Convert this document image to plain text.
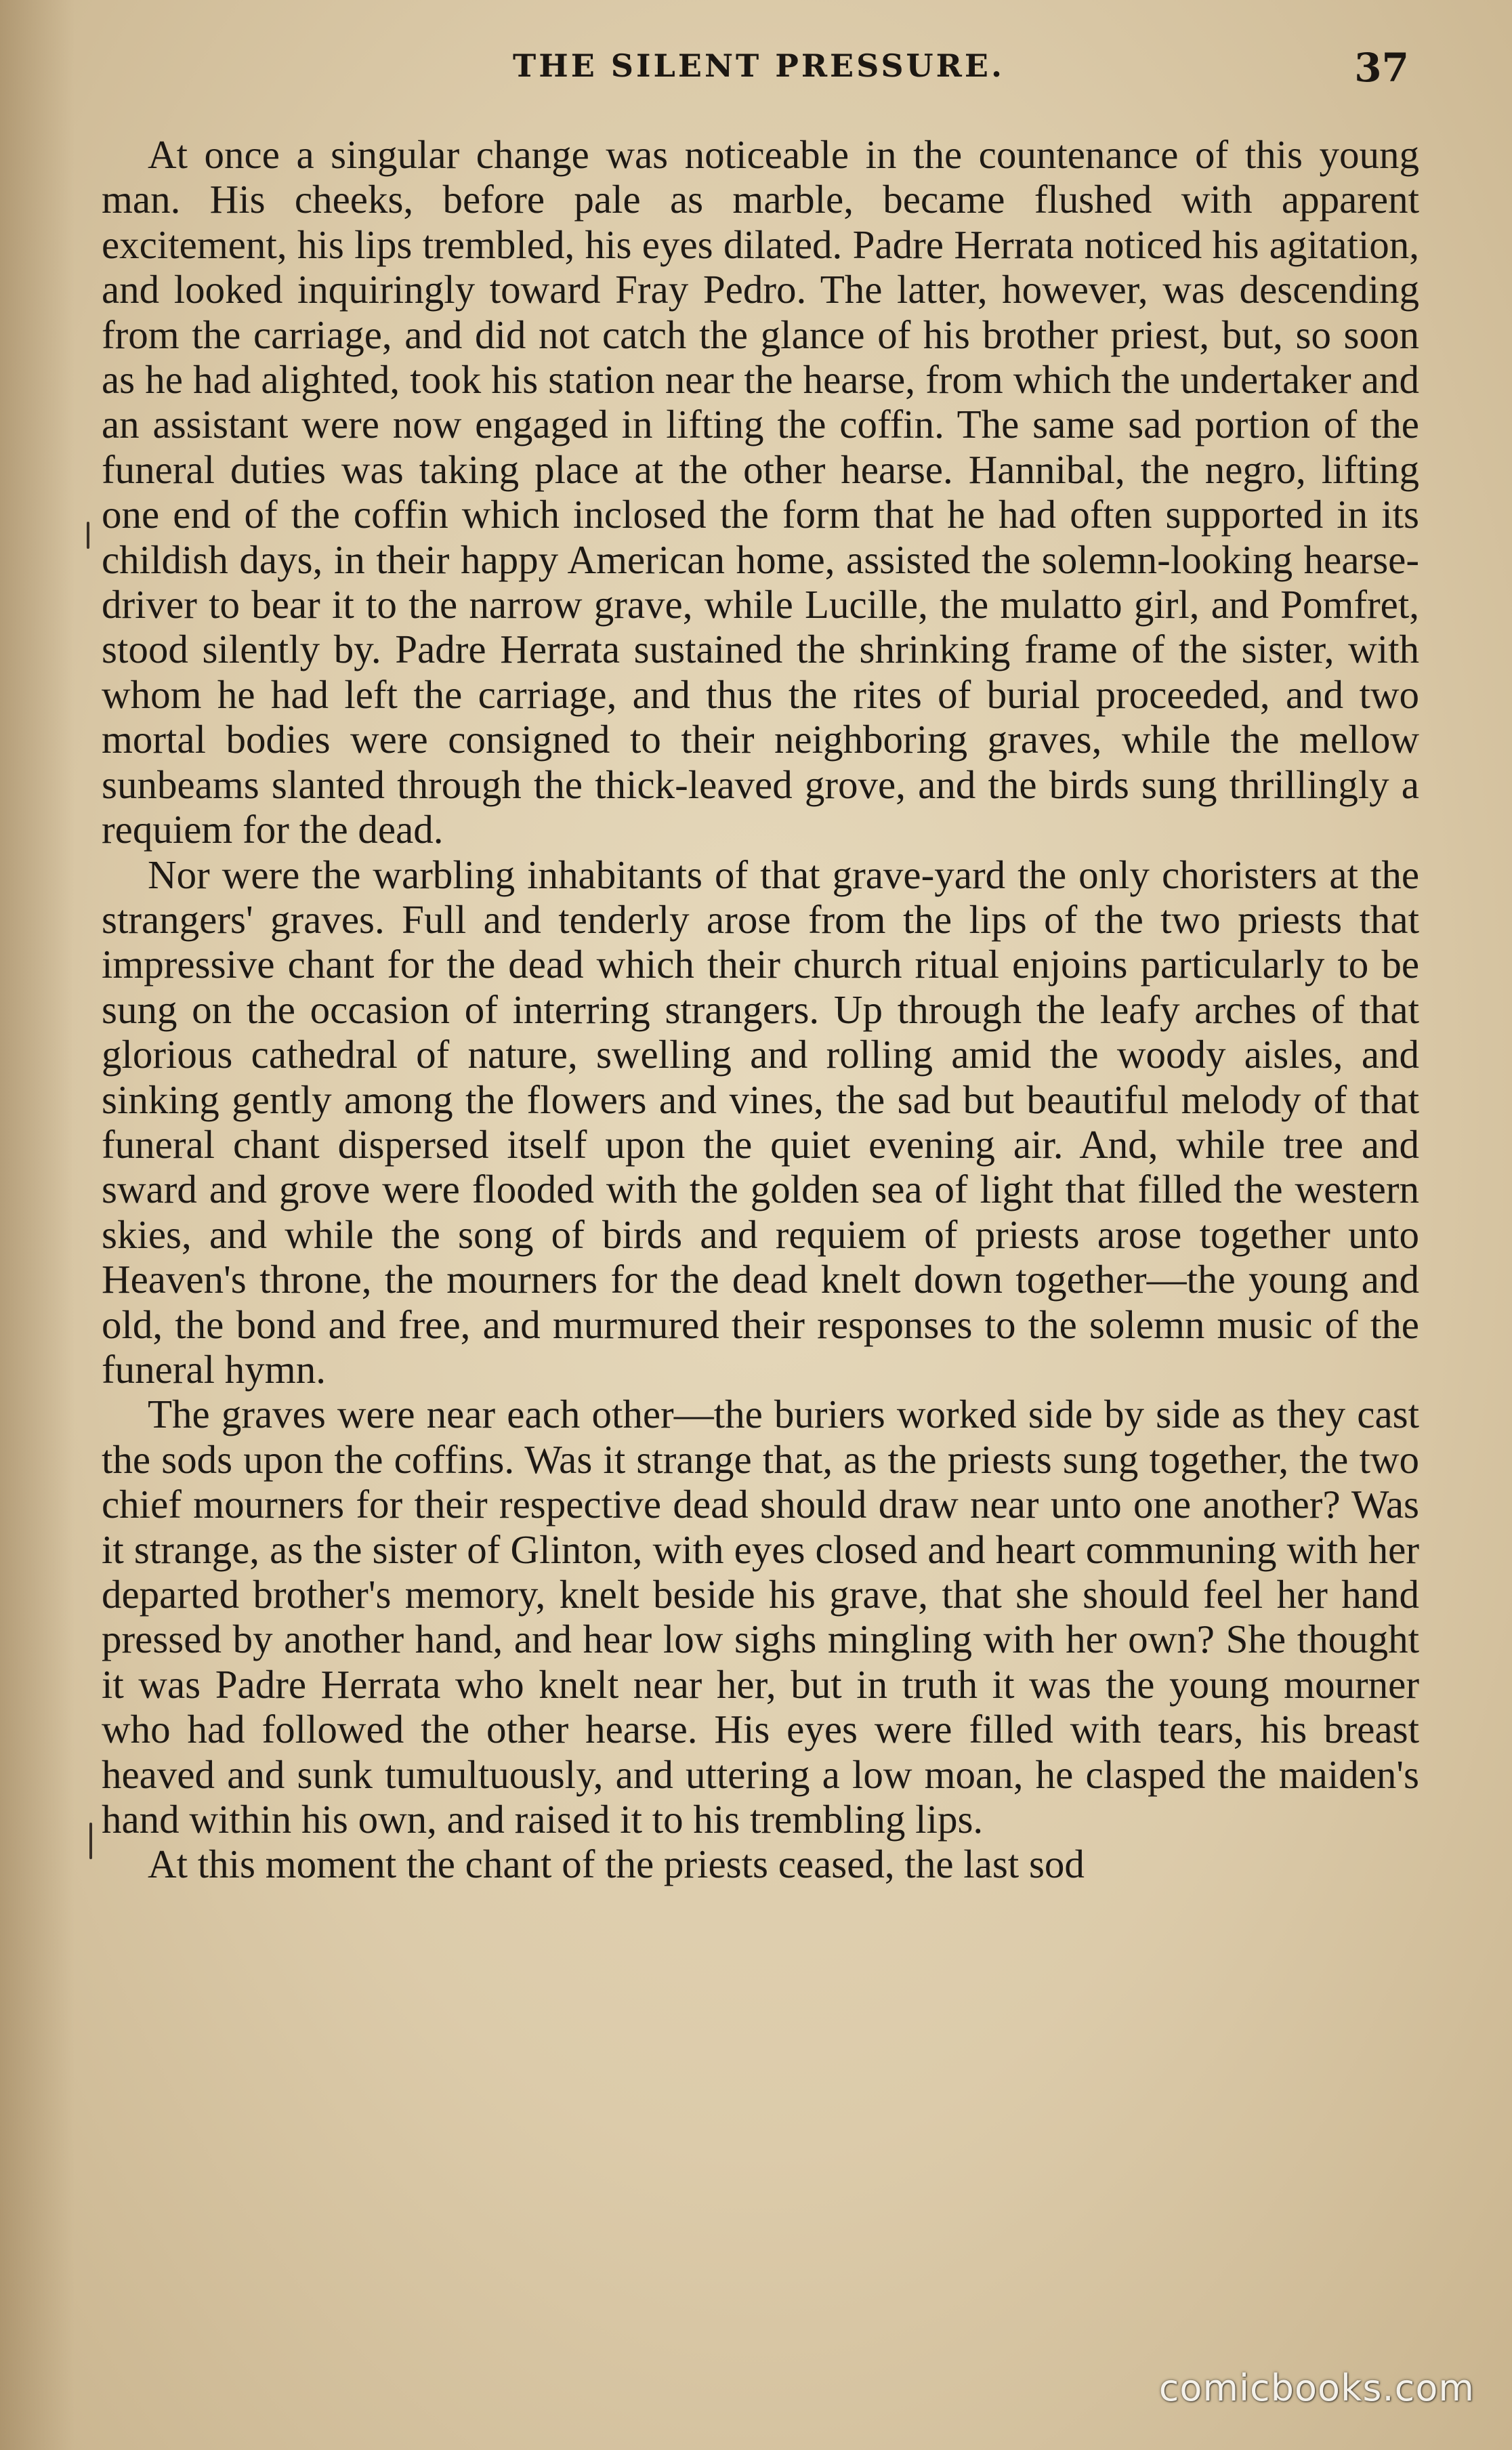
THE SILENT PRESSURE.	37

At once a singular change was noticeable in the countenance of this young man. His cheeks, before pale as marble, became flushed with apparent excitement, his lips trembled, his eyes dilated. Padre Herrata noticed his agitation, and looked inquiringly toward Fray Pedro. The latter, however, was descending from the carriage, and did not catch the glance of his brother priest, but, so soon as he had alighted, took his station near the hearse, from which the undertaker and an assistant were now engaged in lifting the coffin. The same sad portion of the funeral duties was taking place at the other hearse. Hannibal, the negro, lifting one end of the coffin which inclosed the form that he had often supported in its childish days, in their happy American home, assisted the solemn-looking hearse-driver to bear it to the narrow grave, while Lucille, the mulatto girl, and Pomfret, stood silently by. Padre Herrata sustained the shrinking frame of the sister, with whom he had left the carriage, and thus the rites of burial proceeded, and two mortal bodies were consigned to their neighboring graves, while the mellow sunbeams slanted through the thick-leaved grove, and the birds sung thrillingly a requiem for the dead.

Nor were the warbling inhabitants of that grave-yard the only choristers at the strangers' graves. Full and tenderly arose from the lips of the two priests that impressive chant for the dead which their church ritual enjoins particularly to be sung on the occasion of interring strangers. Up through the leafy arches of that glorious cathedral of nature, swelling and rolling amid the woody aisles, and sinking gently among the flowers and vines, the sad but beautiful melody of that funeral chant dispersed itself upon the quiet evening air. And, while tree and sward and grove were flooded with the golden sea of light that filled the western skies, and while the song of birds and requiem of priests arose together unto Heaven's throne, the mourners for the dead knelt down together—the young and old, the bond and free, and murmured their responses to the solemn music of the funeral hymn.

The graves were near each other—the buriers worked side by side as they cast the sods upon the coffins. Was it strange that, as the priests sung together, the two chief mourners for their respective dead should draw near unto one another? Was it strange, as the sister of Glinton, with eyes closed and heart communing with her departed brother's memory, knelt beside his grave, that she should feel her hand pressed by another hand, and hear low sighs mingling with her own? She thought it was Padre Herrata who knelt near her, but in truth it was the young mourner who had followed the other hearse. His eyes were filled with tears, his breast heaved and sunk tumultuously, and uttering a low moan, he clasped the maiden's hand within his own, and raised it to his trembling lips.

At this moment the chant of the priests ceased, the last sod

comicbooks.com
